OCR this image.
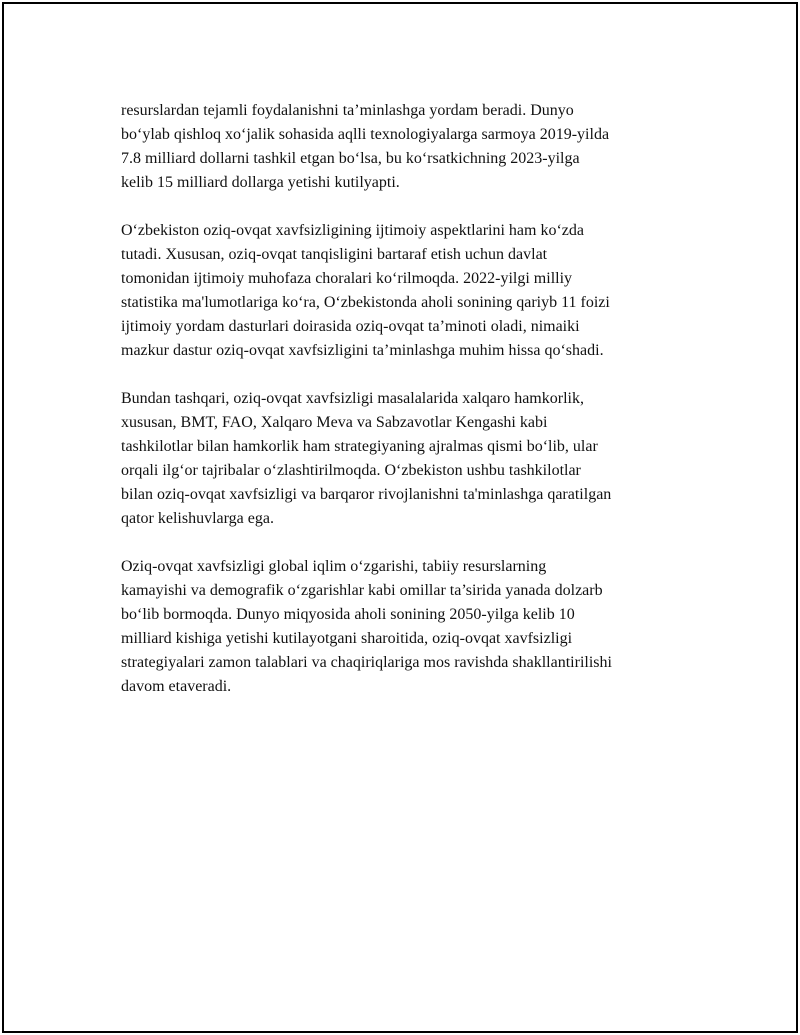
resurslardan tejamli foydalanishni ta’minlashga yordam beradi. Dunyo
bo‘ylab qishloq xo‘jalik sohasida aqlli texnologiyalarga sarmoya 2019-yilda
7.8 milliard dollarni tashkil etgan bo‘lsa, bu ko‘rsatkichning 2023-yilga
kelib 15 milliard dollarga yetishi kutilyapti.

O‘zbekiston oziq-ovqat xavfsizligining ijtimoiy aspektlarini ham ko‘zda
tutadi. Xususan, oziq-ovqat tanqisligini bartaraf etish uchun davlat
tomonidan ijtimoiy muhofaza choralari ko‘rilmoqda. 2022-yilgi milliy
statistika ma'lumotlariga ko‘ra, O‘zbekistonda aholi sonining qariyb 11 foizi
ijtimoiy yordam dasturlari doirasida oziq-ovqat ta’minoti oladi, nimaiki
mazkur dastur oziq-ovqat xavfsizligini ta’minlashga muhim hissa qo‘shadi.

Bundan tashqari, oziq-ovqat xavfsizligi masalalarida xalqaro hamkorlik,
xususan, BMT, FAO, Xalqaro Meva va Sabzavotlar Kengashi kabi
tashkilotlar bilan hamkorlik ham strategiyaning ajralmas qismi bo‘lib, ular
orqali ilg‘or tajribalar o‘zlashtirilmoqda. O‘zbekiston ushbu tashkilotlar
bilan oziq-ovqat xavfsizligi va barqaror rivojlanishni ta'minlashga qaratilgan
qator kelishuvlarga ega.

Oziq-ovqat xavfsizligi global iqlim o‘zgarishi, tabiiy resurslarning
kamayishi va demografik o‘zgarishlar kabi omillar ta’sirida yanada dolzarb
bo‘lib bormoqda. Dunyo miqyosida aholi sonining 2050-yilga kelib 10
milliard kishiga yetishi kutilayotgani sharoitida, oziq-ovqat xavfsizligi
strategiyalari zamon talablari va chaqiriqlariga mos ravishda shakllantirilishi
davom etaveradi.
